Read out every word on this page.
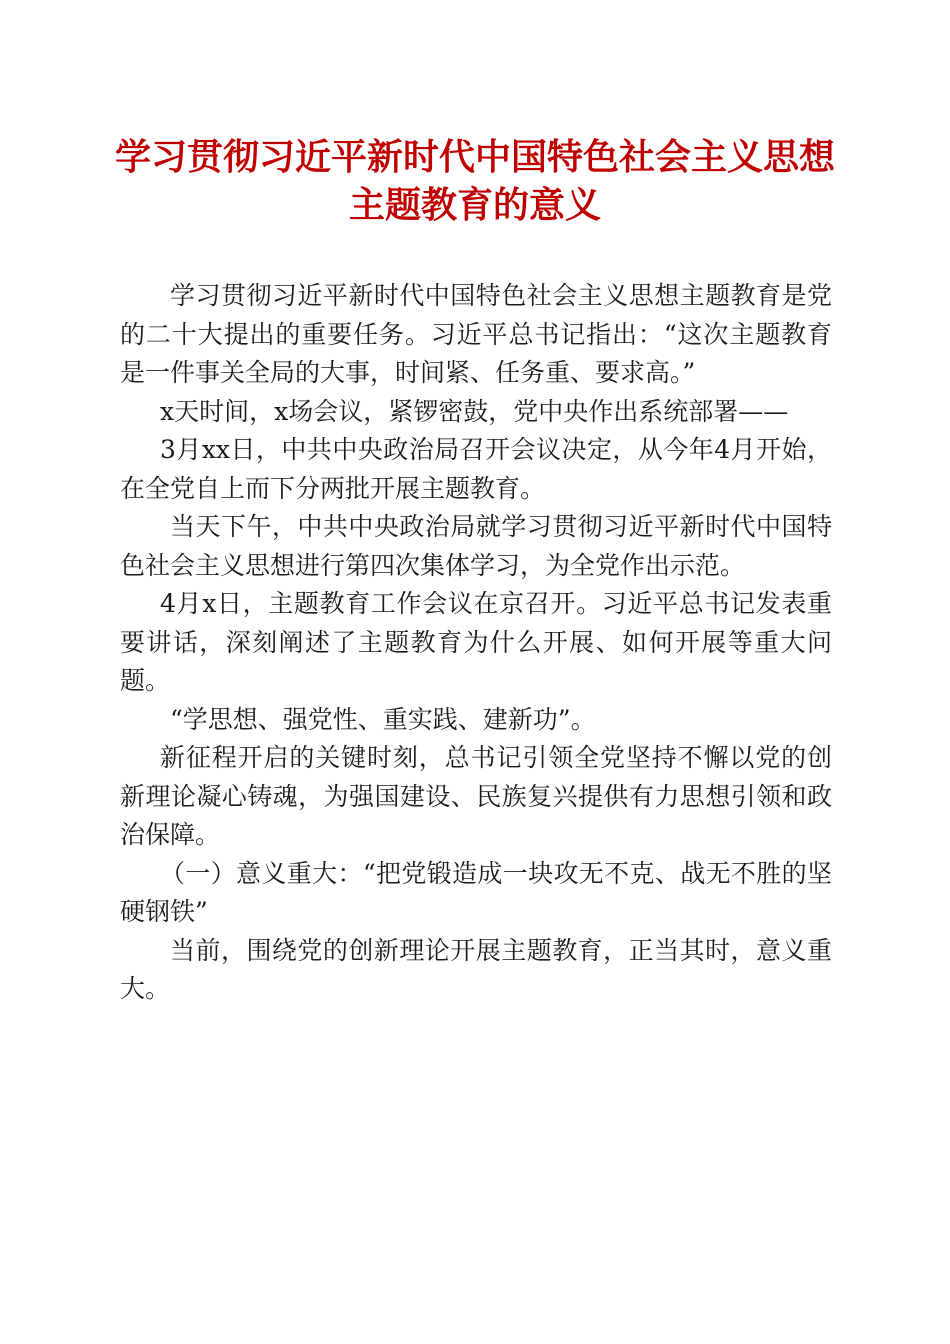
学习贯彻习近平新时代中国特色社会主义思想
主题教育的意义

学习贯彻习近平新时代中国特色社会主义思想主题教育是党的二十大提出的重要任务。习近平总书记指出：“这次主题教育是一件事关全局的大事，时间紧、任务重、要求高。”

x天时间，x场会议，紧锣密鼓，党中央作出系统部署——

3月xx日，中共中央政治局召开会议决定，从今年4月开始，在全党自上而下分两批开展主题教育。

当天下午，中共中央政治局就学习贯彻习近平新时代中国特色社会主义思想进行第四次集体学习，为全党作出示范。

4月x日，主题教育工作会议在京召开。习近平总书记发表重要讲话，深刻阐述了主题教育为什么开展、如何开展等重大问题。

“学思想、强党性、重实践、建新功”。

新征程开启的关键时刻，总书记引领全党坚持不懈以党的创新理论凝心铸魂，为强国建设、民族复兴提供有力思想引领和政治保障。

（一）意义重大：“把党锻造成一块攻无不克、战无不胜的坚硬钢铁”

当前，围绕党的创新理论开展主题教育，正当其时，意义重大。
